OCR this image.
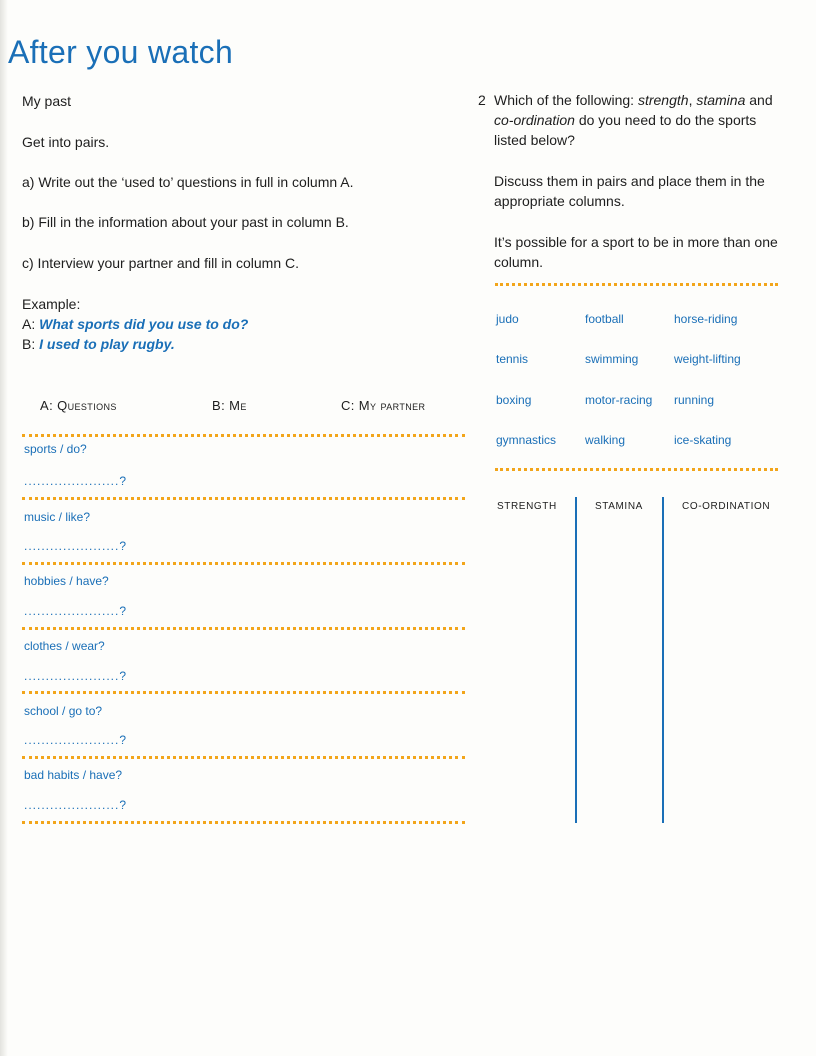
After you watch
My past
Get into pairs.
a) Write out the ‘used to’ questions in full in column A.
b) Fill in the information about your past in column B.
c) Interview your partner and fill in column C.
Example:
A: What sports did you use to do?
B: I used to play rugby.
A: Questions	B: Me	C: My partner
sports / do?
......................?
music / like?
......................?
hobbies / have?
......................?
clothes / wear?
......................?
school / go to?
......................?
bad habits / have?
......................?
2 Which of the following: strength, stamina and
co-ordination do you need to do the sports
listed below?
Discuss them in pairs and place them in the
appropriate columns.
It’s possible for a sport to be in more than one
column.
judo	football	horse-riding
tennis	swimming	weight-lifting
boxing	motor-racing running
gymnastics walking	ice-skating
STRENGTH	STAMINA	CO-ORDINATION
